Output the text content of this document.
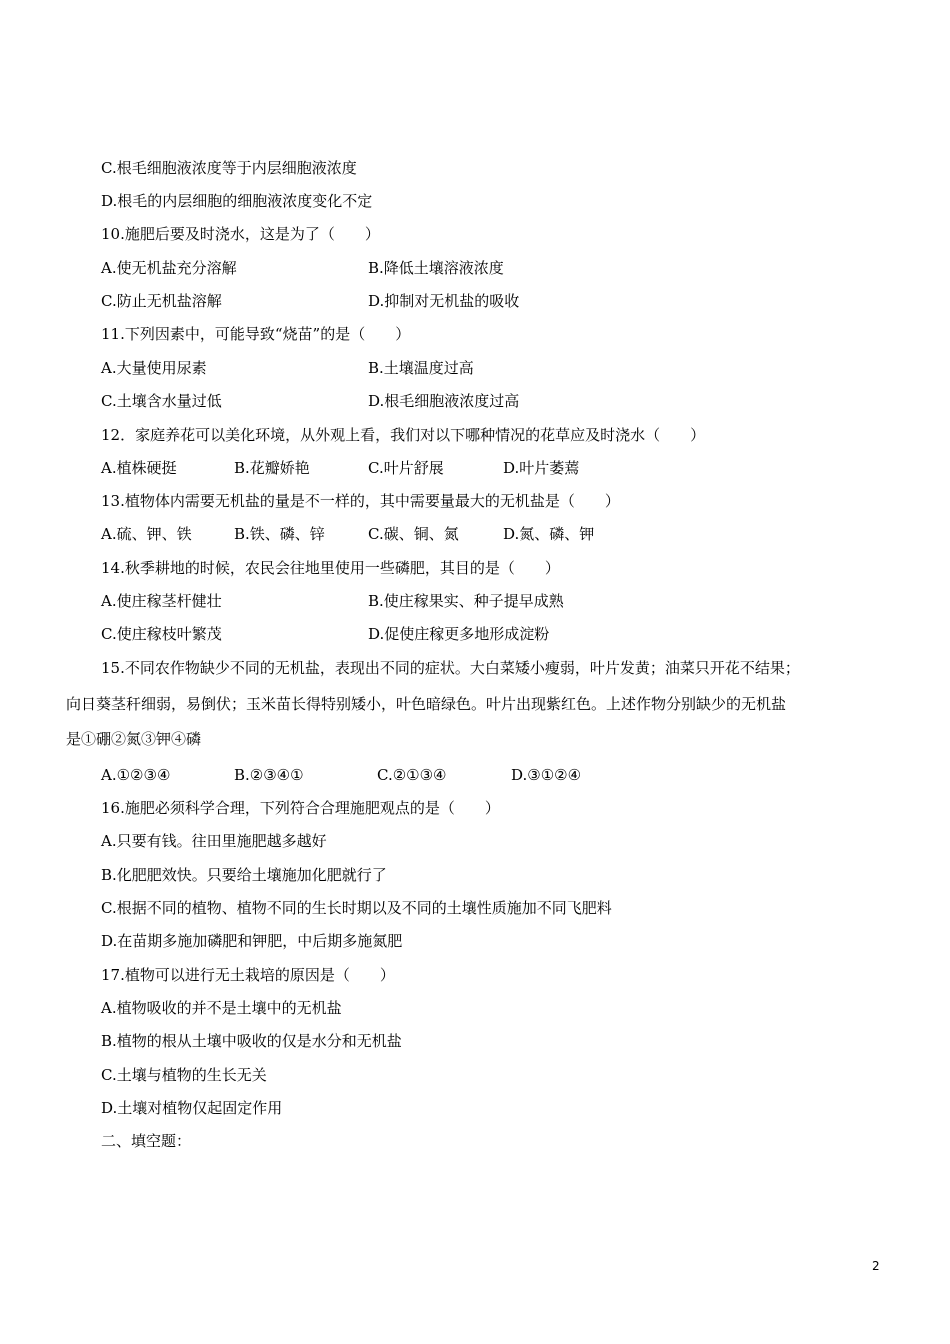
C.根毛细胞液浓度等于内层细胞液浓度
D.根毛的内层细胞的细胞液浓度变化不定
10.施肥后要及时浇水，这是为了（　　）
A.使无机盐充分溶解	B.降低土壤溶液浓度
C.防止无机盐溶解	D.抑制对无机盐的吸收
11.下列因素中，可能导致“烧苗”的是（　　）
A.大量使用尿素	B.土壤温度过高
C.土壤含水量过低	D.根毛细胞液浓度过高
12．家庭养花可以美化环境，从外观上看，我们对以下哪种情况的花草应及时浇水（　　）
A.植株硬挺	B.花瓣娇艳	C.叶片舒展	D.叶片萎蔫
13.植物体内需要无机盐的量是不一样的，其中需要量最大的无机盐是（　　）
A.硫、钾、铁	B.铁、磷、锌	C.碳、铜、氮	D.氮、磷、钾
14.秋季耕地的时候，农民会往地里使用一些磷肥，其目的是（　　）
A.使庄稼茎杆健壮	B.使庄稼果实、种子提早成熟
C.使庄稼枝叶繁茂	D.促使庄稼更多地形成淀粉
15.不同农作物缺少不同的无机盐，表现出不同的症状。大白菜矮小瘦弱，叶片发黄；油菜只开花不结果；
向日葵茎秆细弱，易倒伏；玉米苗长得特别矮小，叶色暗绿色。叶片出现紫红色。上述作物分别缺少的无机盐
是①硼②氮③钾④磷
A.①②③④	B.②③④①	C.②①③④	D.③①②④
16.施肥必须科学合理，下列符合合理施肥观点的是（　　）
A.只要有钱。往田里施肥越多越好
B.化肥肥效快。只要给土壤施加化肥就行了
C.根据不同的植物、植物不同的生长时期以及不同的土壤性质施加不同飞肥料
D.在苗期多施加磷肥和钾肥，中后期多施氮肥
17.植物可以进行无土栽培的原因是（　　）
A.植物吸收的并不是土壤中的无机盐
B.植物的根从土壤中吸收的仅是水分和无机盐
C.土壤与植物的生长无关
D.土壤对植物仅起固定作用
二、填空题：
2
